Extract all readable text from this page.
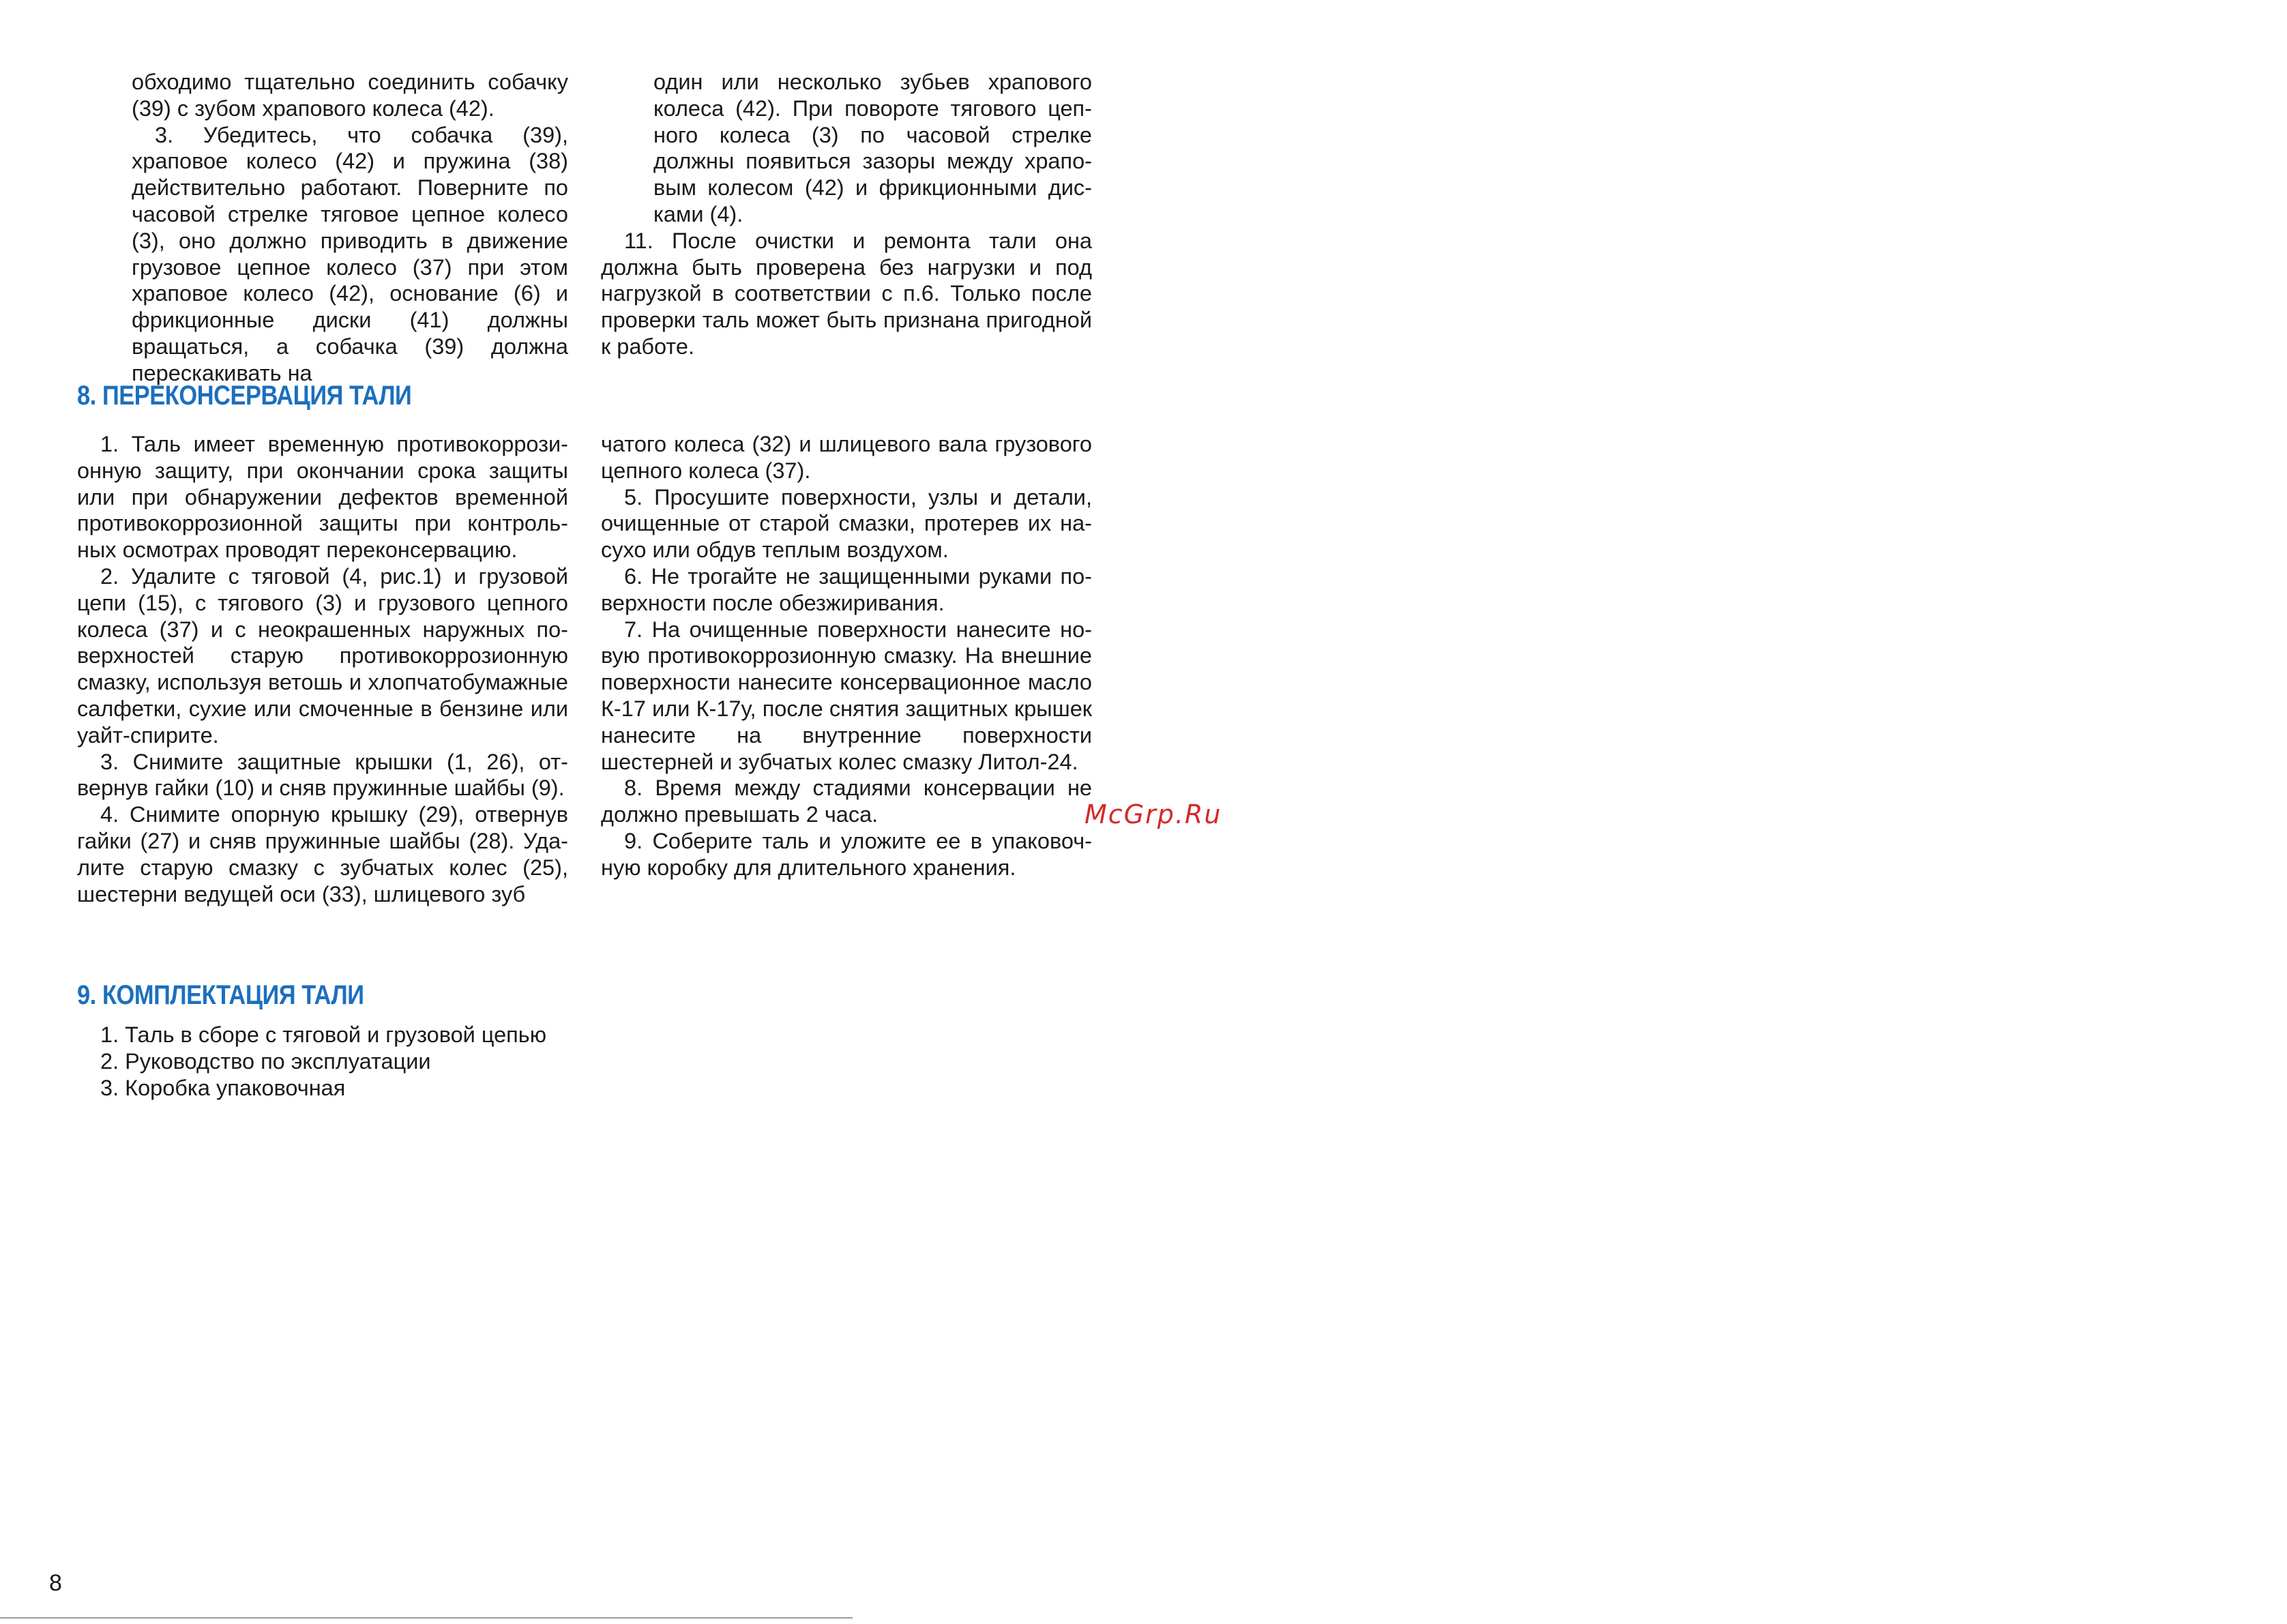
обходимо тщательно соединить собачку (39) с зубом храпового колеса (42).

3. Убедитесь, что собачка (39), храповое колесо (42) и пружина (38) действительно работают. Поверните по часовой стрелке тяговое цепное колесо (3), оно должно приводить в движение грузовое цепное колесо (37) при этом храповое колесо (42), основание (6) и фрикционные диски (41) должны вращаться, а собачка (39) должна перескакивать на

один или несколько зубьев храпового колеса (42). При повороте тягового цепного колеса (3) по часовой стрелке должны появиться зазоры между храповым колесом (42) и фрикционными дисками (4).

11. После очистки и ремонта тали она должна быть проверена без нагрузки и под нагрузкой в соответствии с п.6. Только после проверки таль может быть признана пригодной к работе.

8. ПЕРЕКОНСЕРВАЦИЯ ТАЛИ

1. Таль имеет временную противокоррозионную защиту, при окончании срока защиты или при обнаружении дефектов временной противокоррозионной защиты при контрольных осмотрах проводят переконсервацию.

2. Удалите с тяговой (4, рис.1) и грузовой цепи (15), с тягового (3) и грузового цепного колеса (37) и с неокрашенных наружных поверхностей старую противокоррозионную смазку, используя ветошь и хлопчатобумажные салфетки, сухие или смоченные в бензине или уайт-спирите.

3. Снимите защитные крышки (1, 26), отвернув гайки (10) и сняв пружинные шайбы (9).

4. Снимите опорную крышку (29), отвернув гайки (27) и сняв пружинные шайбы (28). Удалите старую смазку с зубчатых колес (25), шестерни ведущей оси (33), шлицевого зуб

чатого колеса (32) и шлицевого вала грузового цепного колеса (37).

5. Просушите поверхности, узлы и детали, очищенные от старой смазки, протерев их насухо или обдув теплым воздухом.

6. Не трогайте не защищенными руками поверхности после обезжиривания.

7. На очищенные поверхности нанесите новую противокоррозионную смазку. На внешние поверхности нанесите консервационное масло К-17 или К-17у, после снятия защитных крышек нанесите на внутренние поверхности шестерней и зубчатых колес смазку Литол-24.

8. Время между стадиями консервации не должно превышать 2 часа.

9. Соберите таль и уложите ее в упаковочную коробку для длительного хранения.

McGrp.Ru
9. КОМПЛЕКТАЦИЯ ТАЛИ
1. Таль в сборе с тяговой и грузовой цепью
2. Руководство по эксплуатации
3. Коробка упаковочная
8
